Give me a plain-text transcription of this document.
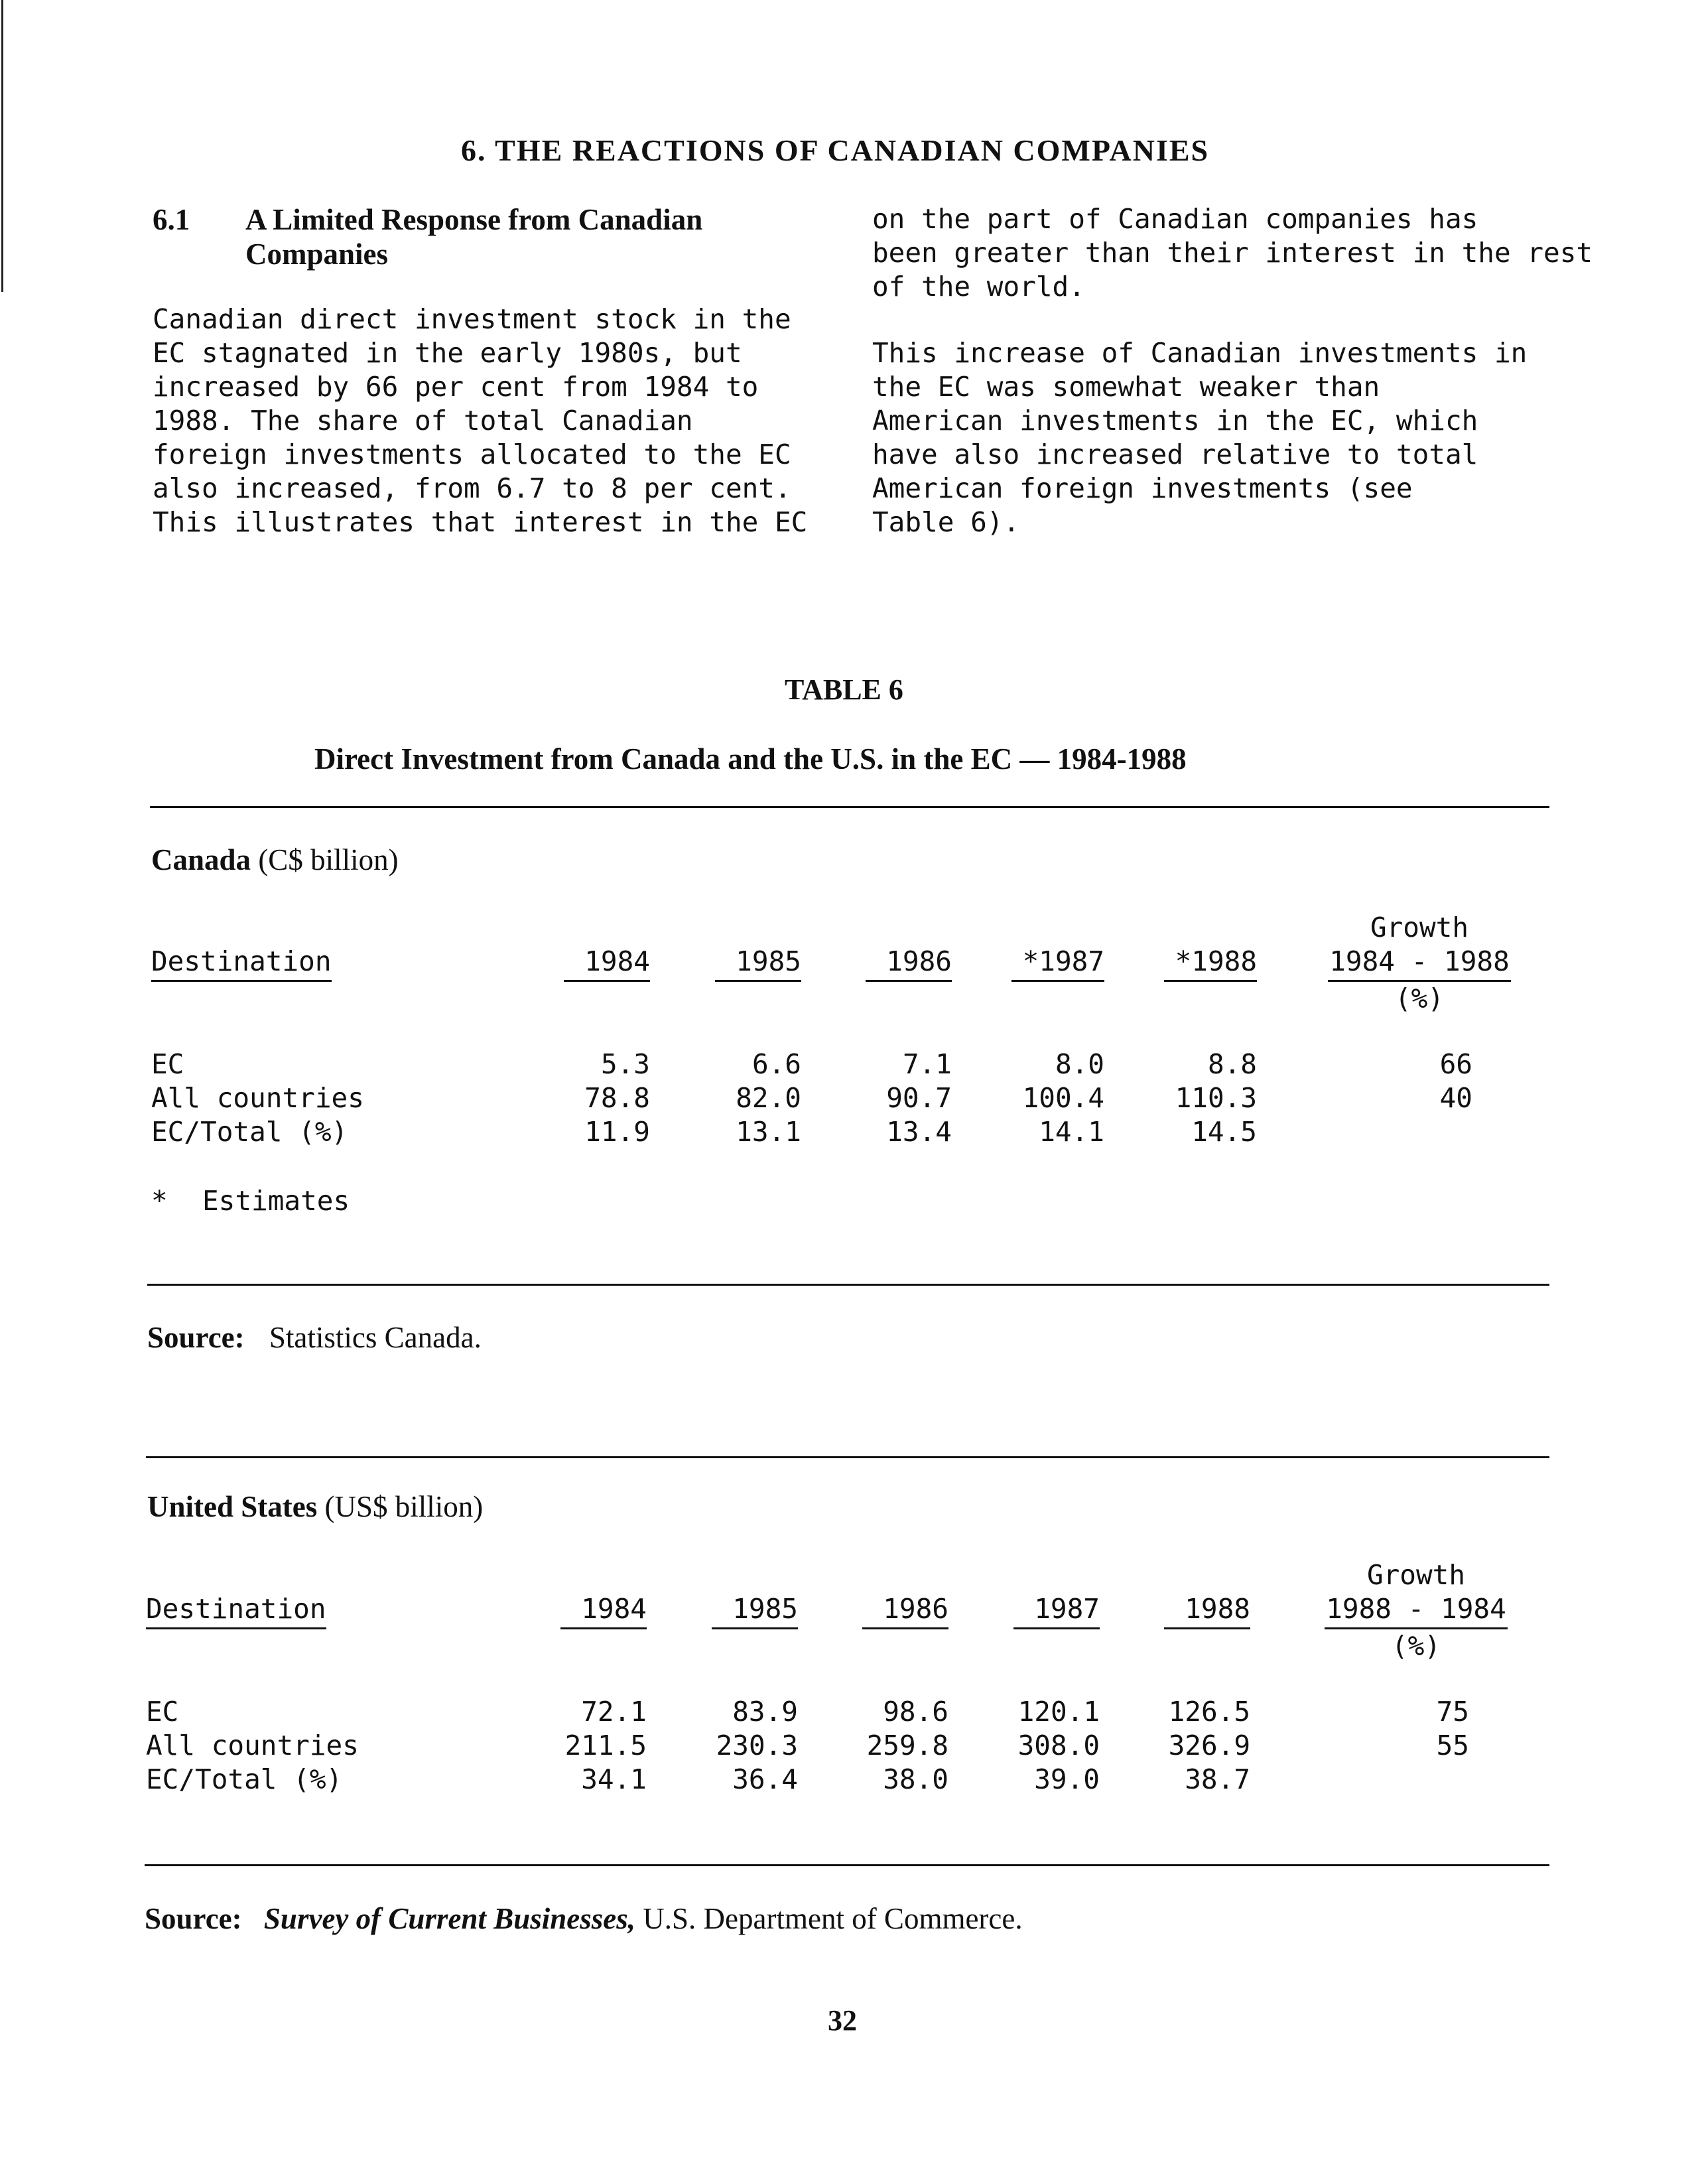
6. THE REACTIONS OF CANADIAN COMPANIES
6.1 A Limited Response from Canadian
Companies
Canadian direct investment stock in the
EC stagnated in the early 1980s, but
increased by 66 per cent from 1984 to
1988. The share of total Canadian
foreign investments allocated to the EC
also increased, from 6.7 to 8 per cent.
This illustrates that interest in the EC
on the part of Canadian companies has
been greater than their interest in the rest
of the world.
This increase of Canadian investments in
the EC was somewhat weaker than
American investments in the EC, which
have also increased relative to total
American foreign investments (see
Table 6).
TABLE 6
Direct Investment from Canada and the U.S. in the EC — 1984-1988
Canada (C$ billion)
Destination	1984	1985	1986	*1987	*1988
Growth
1984 - 1988
(%)
EC	5.3	6.6	7.1	8.0	8.8	66
All countries	78.8	82.0	90.7	100.4	110.3	40
EC/Total (%)	11.9	13.1	13.4	14.1	14.5
* Estimates
Source: Statistics Canada.
United States (US$ billion)
Destination	1984	1985	1986	1987	1988
Growth
1988 - 1984
(%)
EC	72.1	83.9	98.6	120.1	126.5	75
All countries	211.5	230.3	259.8	308.0	326.9	55
EC/Total (%)	34.1	36.4	38.0	39.0	38.7
Source: Survey of Current Businesses, U.S. Department of Commerce.
32
